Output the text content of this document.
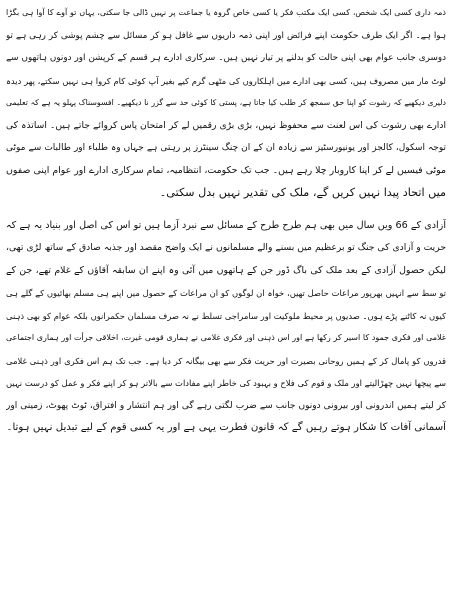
ذمہ داری کسی ایک شخص، کسی ایک مکتب فکر یا کسی خاص گروہ یا جماعت پر نہیں ڈالی جا سکتی، یہاں تو آوے کا آوا ہی بگڑا
ہوا ہے۔ اگر ایک طرف حکومت اپنے فرائض اور اپنی ذمہ داریوں سے غافل ہو کر مسائل سے چشم پوشی کر رہی ہے تو
دوسری جانب عوام بھی اپنی حالت کو بدلنے پر تیار نہیں ہیں۔ سرکاری ادارے ہر قسم کے کرپشن اور دونوں ہاتھوں سے
لوٹ مار میں مصروف ہیں، کسی بھی ادارے میں اہلکاروں کی مٹھی گرم کیے بغیر آپ کوئی کام کروا ہی نہیں سکتے، پھر دیدہ
دلیری دیکھیے کہ رشوت کو اپنا حق سمجھ کر طلب کیا جاتا ہے، پستی کا کوئی حد سے گزر نا دیکھیے۔ افسوسناک پہلو یہ ہے کہ تعلیمی
ادارے بھی رشوت کی اس لعنت سے محفوظ نہیں، بڑی بڑی رقمیں لے کر امتحان پاس کروائے جاتے ہیں۔ اساتذہ کی
توجہ اسکول، کالجز اور یونیورسٹیز سے زیادہ ان کے ان چنگ سینٹرز پر رہتی ہے جہاں وہ طلباء اور طالبات سے موٹی
موٹی فیسیں لے کر اپنا کاروبار چلا رہے ہیں۔ جب تک حکومت، انتظامیہ، تمام سرکاری ادارے اور عوام اپنی صفوں
میں اتحاد پیدا نہیں کریں گے، ملک کی تقدیر نہیں بدل سکتی۔
آزادی کے 66 ویں سال میں بھی ہم طرح طرح کے مسائل سے نبرد آزما ہیں تو اس کی اصل اور بنیاد یہ ہے کہ
حریت و آزادی کی جنگ تو برعظیم میں بسنے والے مسلمانوں نے ایک واضح مقصد اور جذبہ صادق کے ساتھ لڑی تھی،
لیکن حصول آزادی کے بعد ملک کی باگ ڈور جن کے ہاتھوں میں آئی وہ اپنے ان سابقہ آقاؤں کے غلام تھے، جن کے
تو سط سے انہیں بھرپور مراعات حاصل تھیں، خواہ ان لوگوں کو ان مراعات کے حصول میں اپنے ہی مسلم بھائیوں کے گلے ہی
کیوں نہ کاٹنے پڑے ہوں۔ صدیوں پر محیط ملوکیت اور سامراجی تسلط نے نہ صرف مسلمان حکمرانوں بلکہ عوام کو بھی ذہنی
غلامی اور فکری جمود کا اسیر کر رکھا ہے اور اس ذہنی اور فکری غلامی نے ہماری قومی غیرت، اخلاقی جرأت اور ہماری اجتماعی
قدروں کو پامال کر کے ہمیں روحانی بصیرت اور حریت فکر سے بھی بیگانہ کر دیا ہے۔ جب تک ہم اس فکری اور ذہنی غلامی
سے پیچھا نہیں چھڑالیتے اور ملک و قوم کی فلاح و بہبود کی خاطر اپنے مفادات سے بالاتر ہو کر اپنے فکر و عمل کو درست نہیں
کر لیتے ہمیں اندرونی اور بیرونی دونوں جانب سے ضرب لگتی رہے گی اور ہم انتشار و افتراق، ٹوٹ پھوٹ، زمینی اور
آسمانی آفات کا شکار ہوتے رہیں گے کہ قانون فطرت یہی ہے اور یہ کسی قوم کے لیے تبدیل نہیں ہوتا۔
